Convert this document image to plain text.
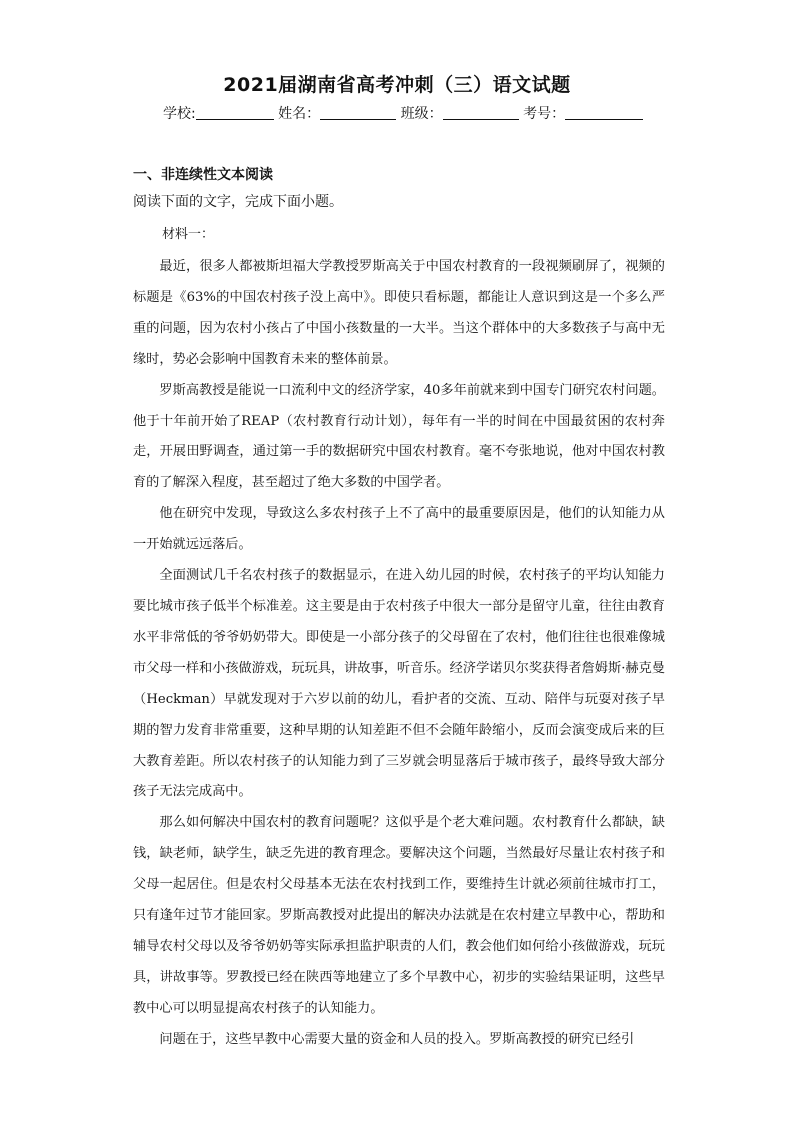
2021届湖南省高考冲刺（三）语文试题
学校:	姓名：	班级：	考号：
一、非连续性文本阅读
阅读下面的文字，完成下面小题。
材料一：

最近，很多人都被斯坦福大学教授罗斯高关于中国农村教育的一段视频刷屏了，视频的标题是《63%的中国农村孩子没上高中》。即使只看标题，都能让人意识到这是一个多么严重的问题，因为农村小孩占了中国小孩数量的一大半。当这个群体中的大多数孩子与高中无缘时，势必会影响中国教育未来的整体前景。

罗斯高教授是能说一口流利中文的经济学家，40多年前就来到中国专门研究农村问题。他于十年前开始了REAP（农村教育行动计划），每年有一半的时间在中国最贫困的农村奔走，开展田野调查，通过第一手的数据研究中国农村教育。毫不夸张地说，他对中国农村教育的了解深入程度，甚至超过了绝大多数的中国学者。

他在研究中发现，导致这么多农村孩子上不了高中的最重要原因是，他们的认知能力从一开始就远远落后。

全面测试几千名农村孩子的数据显示，在进入幼儿园的时候，农村孩子的平均认知能力要比城市孩子低半个标准差。这主要是由于农村孩子中很大一部分是留守儿童，往往由教育水平非常低的爷爷奶奶带大。即使是一小部分孩子的父母留在了农村，他们往往也很难像城市父母一样和小孩做游戏，玩玩具，讲故事，听音乐。经济学诺贝尔奖获得者詹姆斯·赫克曼（Heckman）早就发现对于六岁以前的幼儿，看护者的交流、互动、陪伴与玩耍对孩子早期的智力发育非常重要，这种早期的认知差距不但不会随年龄缩小，反而会演变成后来的巨大教育差距。所以农村孩子的认知能力到了三岁就会明显落后于城市孩子，最终导致大部分孩子无法完成高中。

那么如何解决中国农村的教育问题呢？这似乎是个老大难问题。农村教育什么都缺，缺钱，缺老师，缺学生，缺乏先进的教育理念。要解决这个问题，当然最好尽量让农村孩子和父母一起居住。但是农村父母基本无法在农村找到工作，要维持生计就必须前往城市打工，只有逢年过节才能回家。罗斯高教授对此提出的解决办法就是在农村建立早教中心，帮助和辅导农村父母以及爷爷奶奶等实际承担监护职责的人们，教会他们如何给小孩做游戏，玩玩具，讲故事等。罗教授已经在陕西等地建立了多个早教中心，初步的实验结果证明，这些早教中心可以明显提高农村孩子的认知能力。

问题在于，这些早教中心需要大量的资金和人员的投入。罗斯高教授的研究已经引
